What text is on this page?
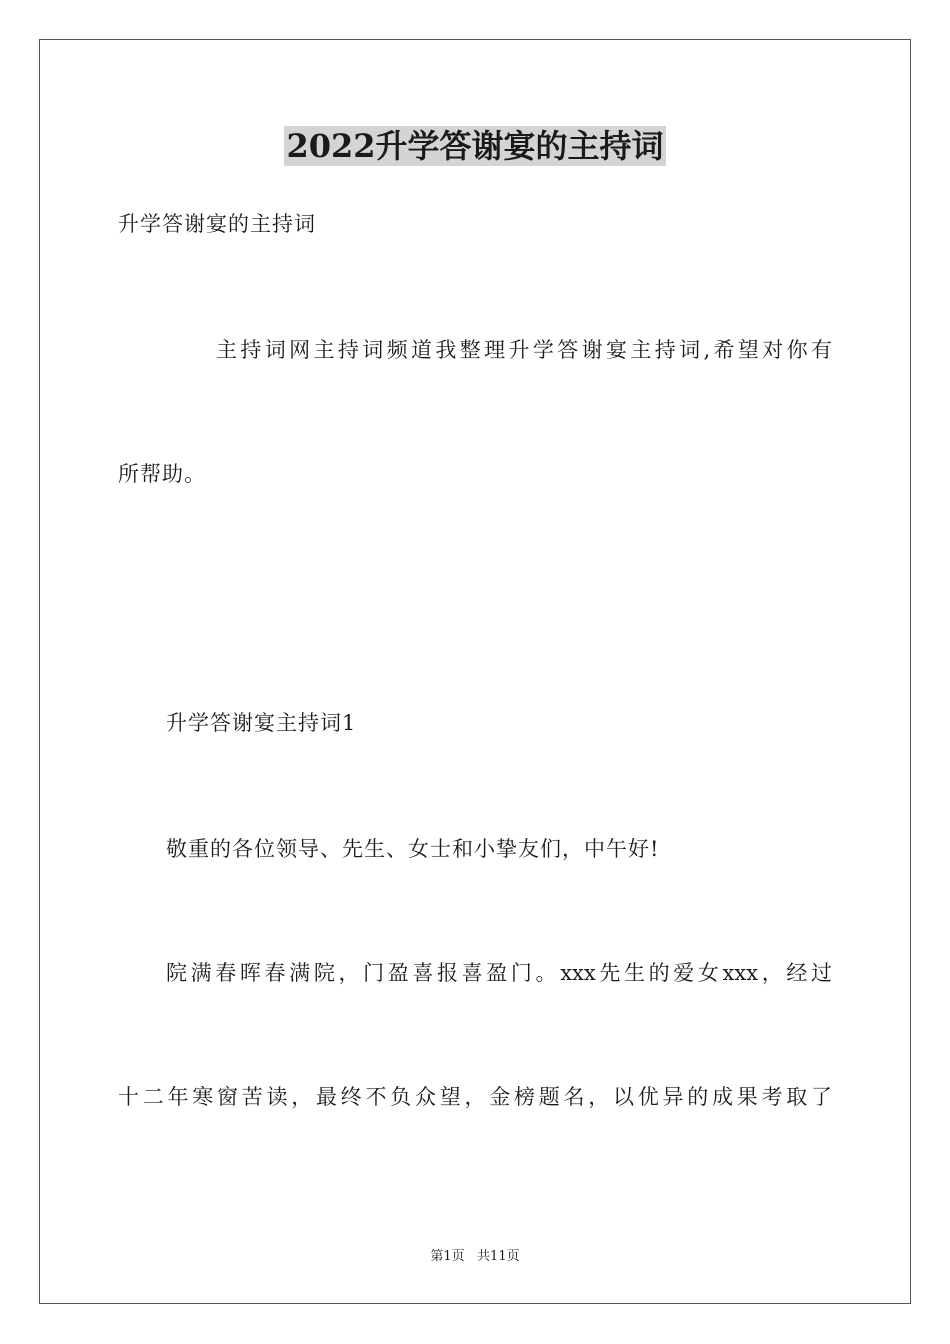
2022升学答谢宴的主持词
升学答谢宴的主持词
主持词网主持词频道我整理升学答谢宴主持词,希望对你有
所帮助。
升学答谢宴主持词1
敬重的各位领导、先生、女士和小挚友们，中午好!
院满春晖春满院，门盈喜报喜盈门。xxx先生的爱女xxx，经过
十二年寒窗苦读，最终不负众望，金榜题名，以优异的成果考取了
第1页   共11页
